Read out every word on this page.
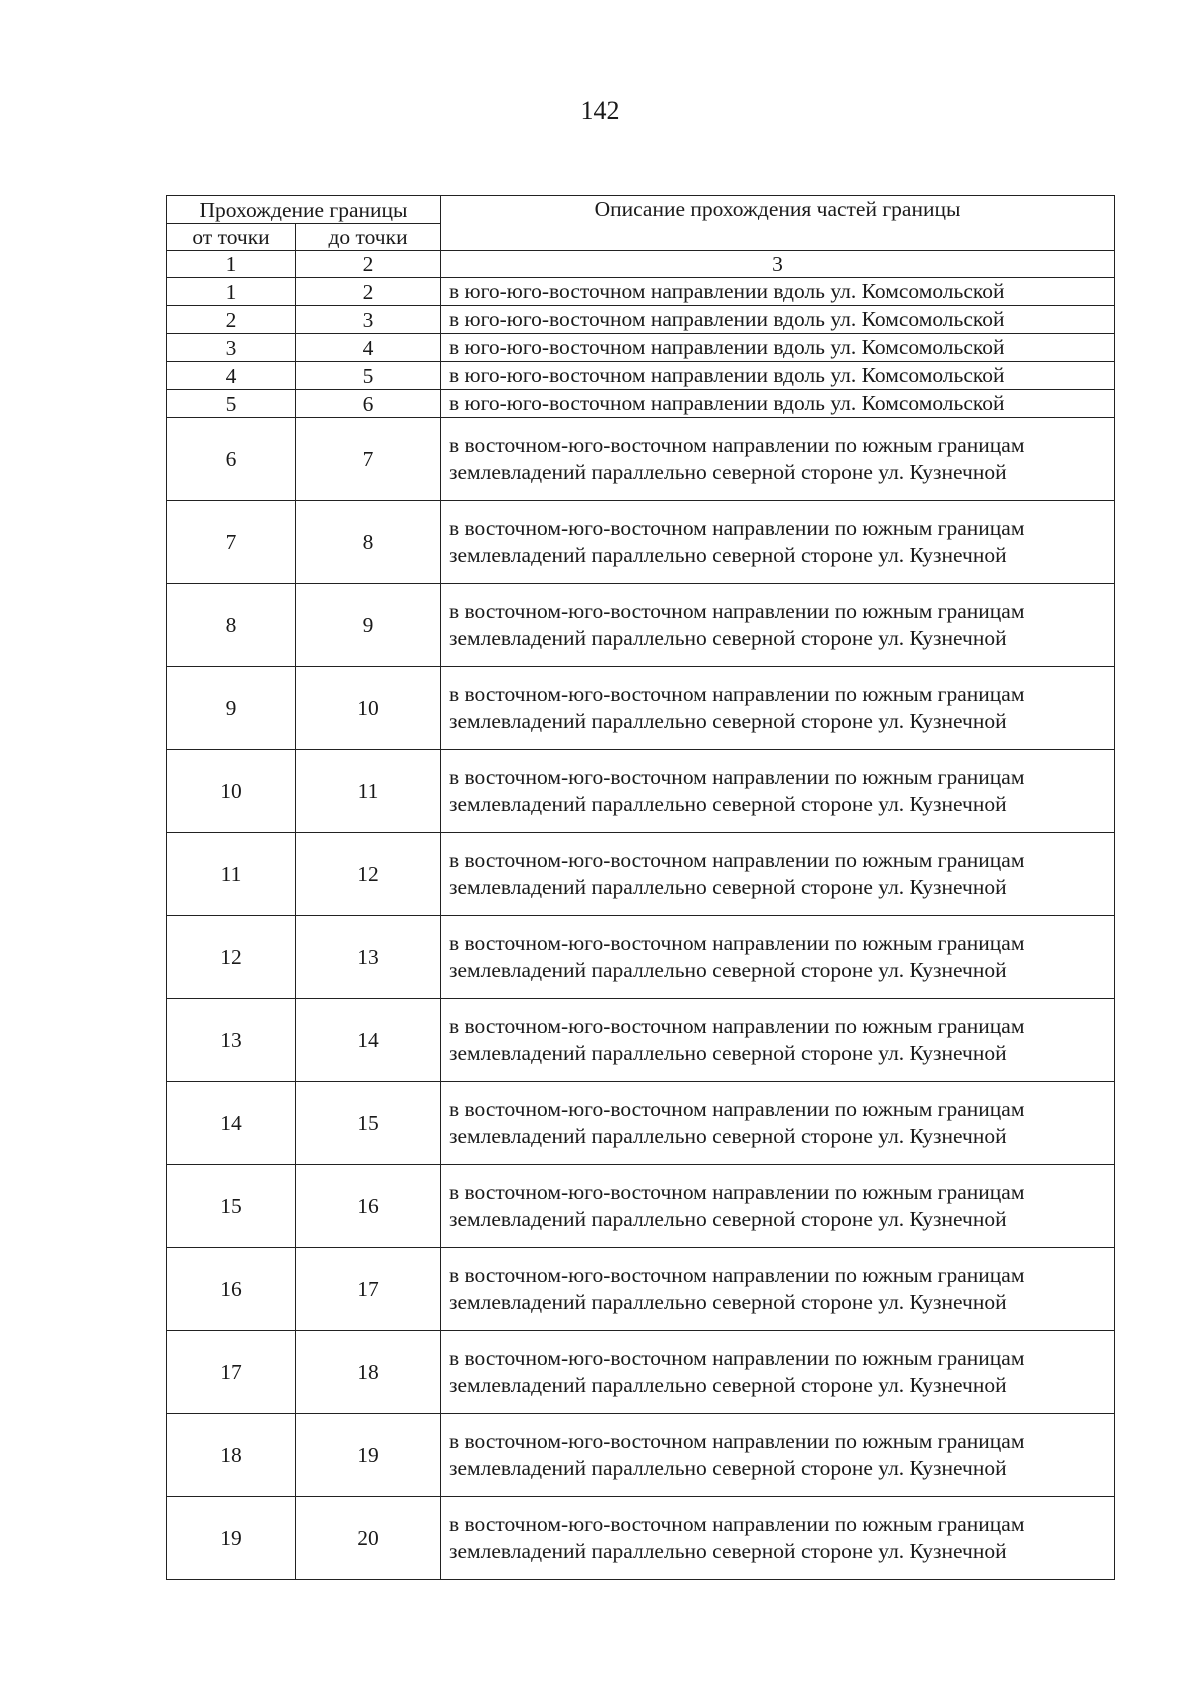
142
Прохождение границы		Описание прохождения частей границы
от точки	до точки	
1	2	3
1	2	в юго-юго-восточном направлении вдоль ул. Комсомольской
2	3	в юго-юго-восточном направлении вдоль ул. Комсомольской
3	4	в юго-юго-восточном направлении вдоль ул. Комсомольской
4	5	в юго-юго-восточном направлении вдоль ул. Комсомольской
5	6	в юго-юго-восточном направлении вдоль ул. Комсомольской
6	7	в восточном-юго-восточном направлении по южным границам землевладений параллельно северной стороне ул. Кузнечной
7	8	в восточном-юго-восточном направлении по южным границам землевладений параллельно северной стороне ул. Кузнечной
8	9	в восточном-юго-восточном направлении по южным границам землевладений параллельно северной стороне ул. Кузнечной
9	10	в восточном-юго-восточном направлении по южным границам землевладений параллельно северной стороне ул. Кузнечной
10	11	в восточном-юго-восточном направлении по южным границам землевладений параллельно северной стороне ул. Кузнечной
11	12	в восточном-юго-восточном направлении по южным границам землевладений параллельно северной стороне ул. Кузнечной
12	13	в восточном-юго-восточном направлении по южным границам землевладений параллельно северной стороне ул. Кузнечной
13	14	в восточном-юго-восточном направлении по южным границам землевладений параллельно северной стороне ул. Кузнечной
14	15	в восточном-юго-восточном направлении по южным границам землевладений параллельно северной стороне ул. Кузнечной
15	16	в восточном-юго-восточном направлении по южным границам землевладений параллельно северной стороне ул. Кузнечной
16	17	в восточном-юго-восточном направлении по южным границам землевладений параллельно северной стороне ул. Кузнечной
17	18	в восточном-юго-восточном направлении по южным границам землевладений параллельно северной стороне ул. Кузнечной
18	19	в восточном-юго-восточном направлении по южным границам землевладений параллельно северной стороне ул. Кузнечной
19	20	в восточном-юго-восточном направлении по южным границам землевладений параллельно северной стороне ул. Кузнечной
